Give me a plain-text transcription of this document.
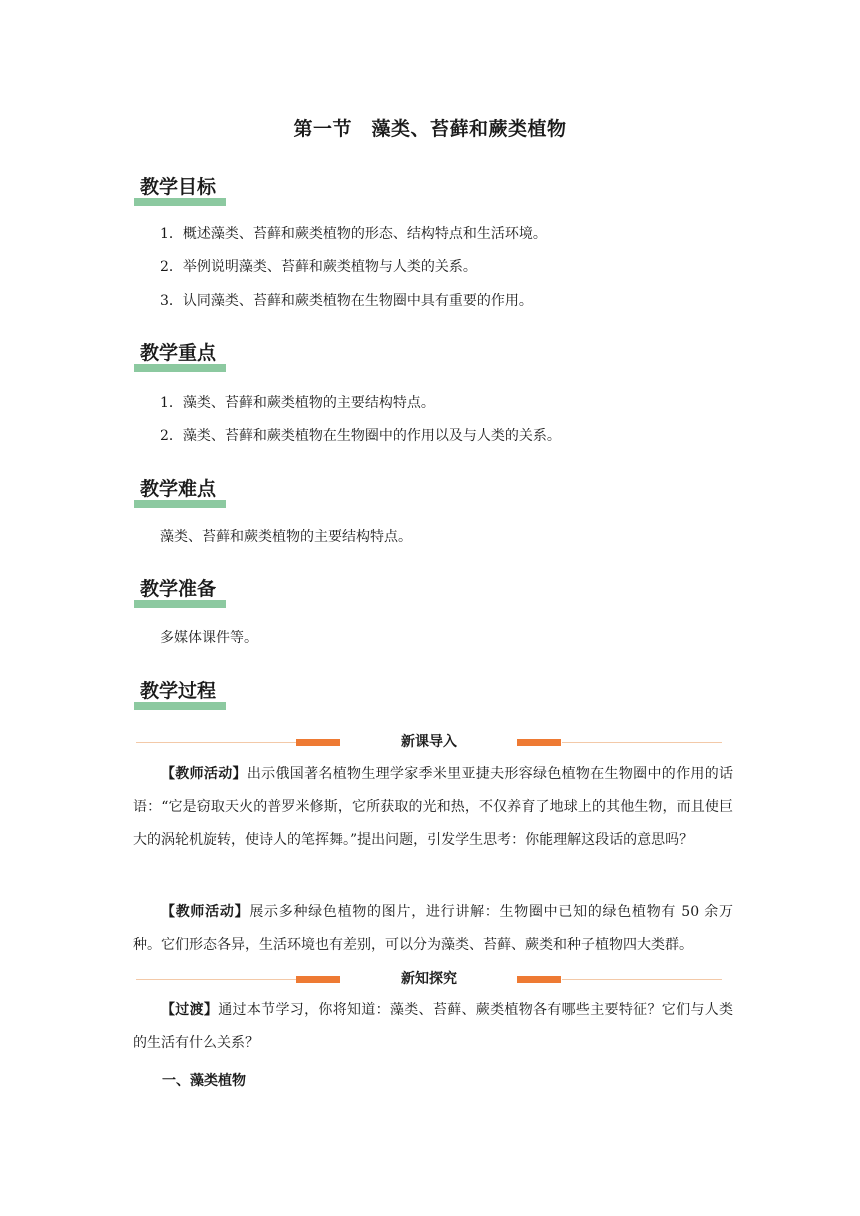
第一节　藻类、苔藓和蕨类植物
教学目标
1．概述藻类、苔藓和蕨类植物的形态、结构特点和生活环境。
2．举例说明藻类、苔藓和蕨类植物与人类的关系。
3．认同藻类、苔藓和蕨类植物在生物圈中具有重要的作用。
教学重点
1．藻类、苔藓和蕨类植物的主要结构特点。
2．藻类、苔藓和蕨类植物在生物圈中的作用以及与人类的关系。
教学难点
藻类、苔藓和蕨类植物的主要结构特点。
教学准备
多媒体课件等。
教学过程
新课导入
【教师活动】出示俄国著名植物生理学家季米里亚捷夫形容绿色植物在生物圈中的作用的话语：“它是窃取天火的普罗米修斯，它所获取的光和热，不仅养育了地球上的其他生物，而且使巨大的涡轮机旋转，使诗人的笔挥舞。”提出问题，引发学生思考：你能理解这段话的意思吗？
【教师活动】展示多种绿色植物的图片，进行讲解：生物圈中已知的绿色植物有 50 余万种。它们形态各异，生活环境也有差别，可以分为藻类、苔藓、蕨类和种子植物四大类群。
新知探究
【过渡】通过本节学习，你将知道：藻类、苔藓、蕨类植物各有哪些主要特征？它们与人类的生活有什么关系？
一、藻类植物
